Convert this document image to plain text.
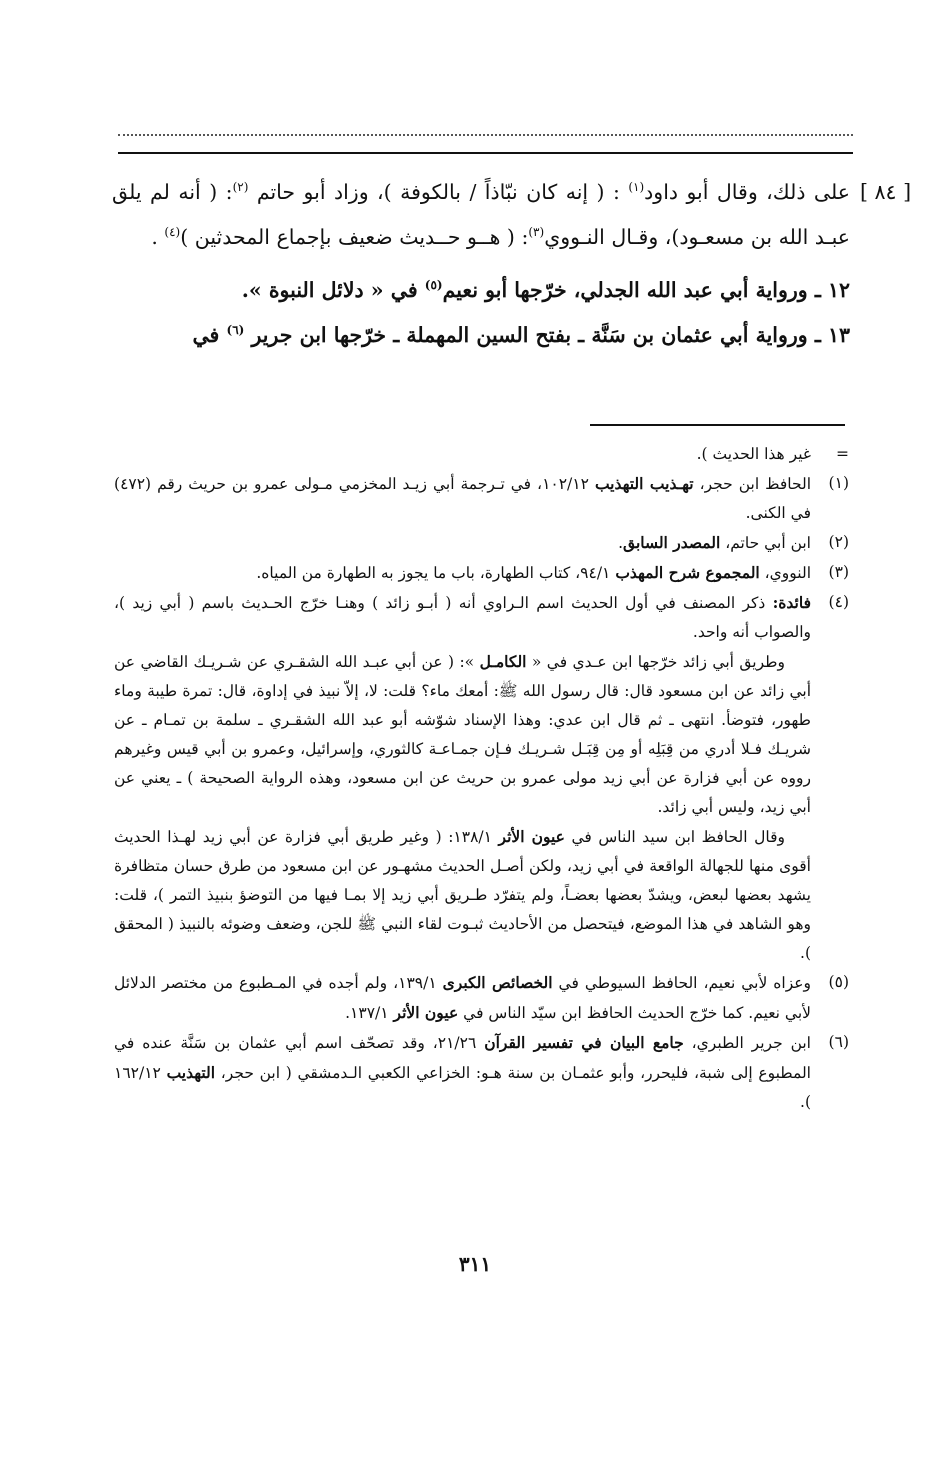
[ ٨٤ ]

على ذلك، وقال أبو داود$^{(١)}$ : ( إنه كان نبّاذاً / بالكوفة )، وزاد أبو حاتم $^{(٢)}$: ( أنه لم يلق عبـد الله بن مسعـود)، وقـال النـووي$^{(٣)}$: ( هــو حــديث ضعيف بإجماع المحدثين )$^{(٤)}$ .

١٢ ـ ورواية أبي عبد الله الجدلي، خرّجها أبو نعيم$^{(٥)}$ في « دلائل النبوة ».

١٣ ـ ورواية أبي عثمان بن سَنَّة ـ بفتح السين المهملة ـ خرّجها ابن جرير $^{(٦)}$ في

=
غير هذا الحديث ).
(١)
الحافظ ابن حجر، تهـذيب التهذيب ١٠٢/١٢، في تـرجمة أبي زيـد المخزمي مـولى عمرو بن حريث رقم (٤٧٢) في الكنى.
(٢)
ابن أبي حاتم، المصدر السابق.
(٣)
النووي، المجموع شرح المهذب ٩٤/١، كتاب الطهارة، باب ما يجوز به الطهارة من المياه.
(٤)
فائدة: ذكر المصنف في أول الحديث اسم الـراوي أنه ( أبـو زائد ) وهنـا خرّج الحـديث باسم ( أبي زيد )، والصواب أنه واحد.

وطريق أبي زائد خرّجها ابن عـدي في « الكامـل »: ( عن أبي عبـد الله الشقـري عن شـريـك القاضي عن أبي زائد عن ابن مسعود قال: قال رسول الله ﷺ: أمعك ماء؟ قلت: لا، إلاّ نبيذ في إداوة، قال: تمرة طيبة وماء طهور، فتوضأ. انتهى ـ ثم قال ابن عدي: وهذا الإسناد شوّشه أبو عبد الله الشقـري ـ سلمة بن تمـام ـ عن شريـك فـلا أدري من قِبَلِه أو مِن قِبَـل شـريـك فـإن جمـاعـة كالثوري، وإسرائيل، وعمرو بن أبي قيس وغيرهم رووه عن أبي فزارة عن أبي زيد مولى عمرو بن حريث عن ابن مسعود، وهذه الرواية الصحيحة ) ـ يعني عن أبي زيد، وليس أبي زائد.

وقال الحافظ ابن سيد الناس في عيون الأثر ١٣٨/١: ( وغير طريق أبي فزارة عن أبي زيد لهـذا الحديث أقوى منها للجهالة الواقعة في أبي زيد، ولكن أصـل الحديث مشهـور عن ابن مسعود من طرق حسان متظافرة يشهد بعضها لبعض، ويشدّ بعضها بعضـاً، ولم يتفرّد طـريق أبي زيد إلا بمـا فيها من التوضؤ بنبيذ التمر )، قلت: وهو الشاهد في هذا الموضع، فيتحصل من الأحاديث ثبـوت لقاء النبي ﷺ للجن، وضعف وضوئه بالنبيذ ( المحقق ).

(٥)
وعزاه لأبي نعيم، الحافظ السيوطي في الخصائص الكبرى ١٣٩/١، ولم أجده في المـطبوع من مختصر الدلائل لأبي نعيم. كما خرّج الحديث الحافظ ابن سيّد الناس في عيون الأثر ١٣٧/١.
(٦)
ابن جرير الطبري، جامع البيان في تفسير القرآن ٢١/٢٦، وقد تصحّف اسم أبي عثمان بن سَنَّة عنده في المطبوع إلى شبة، فليحرر، وأبو عثمـان بن سنة هـو: الخزاعي الكعبي الـدمشقي ( ابن حجر، التهذيب ١٦٢/١٢ ).
٣١١
